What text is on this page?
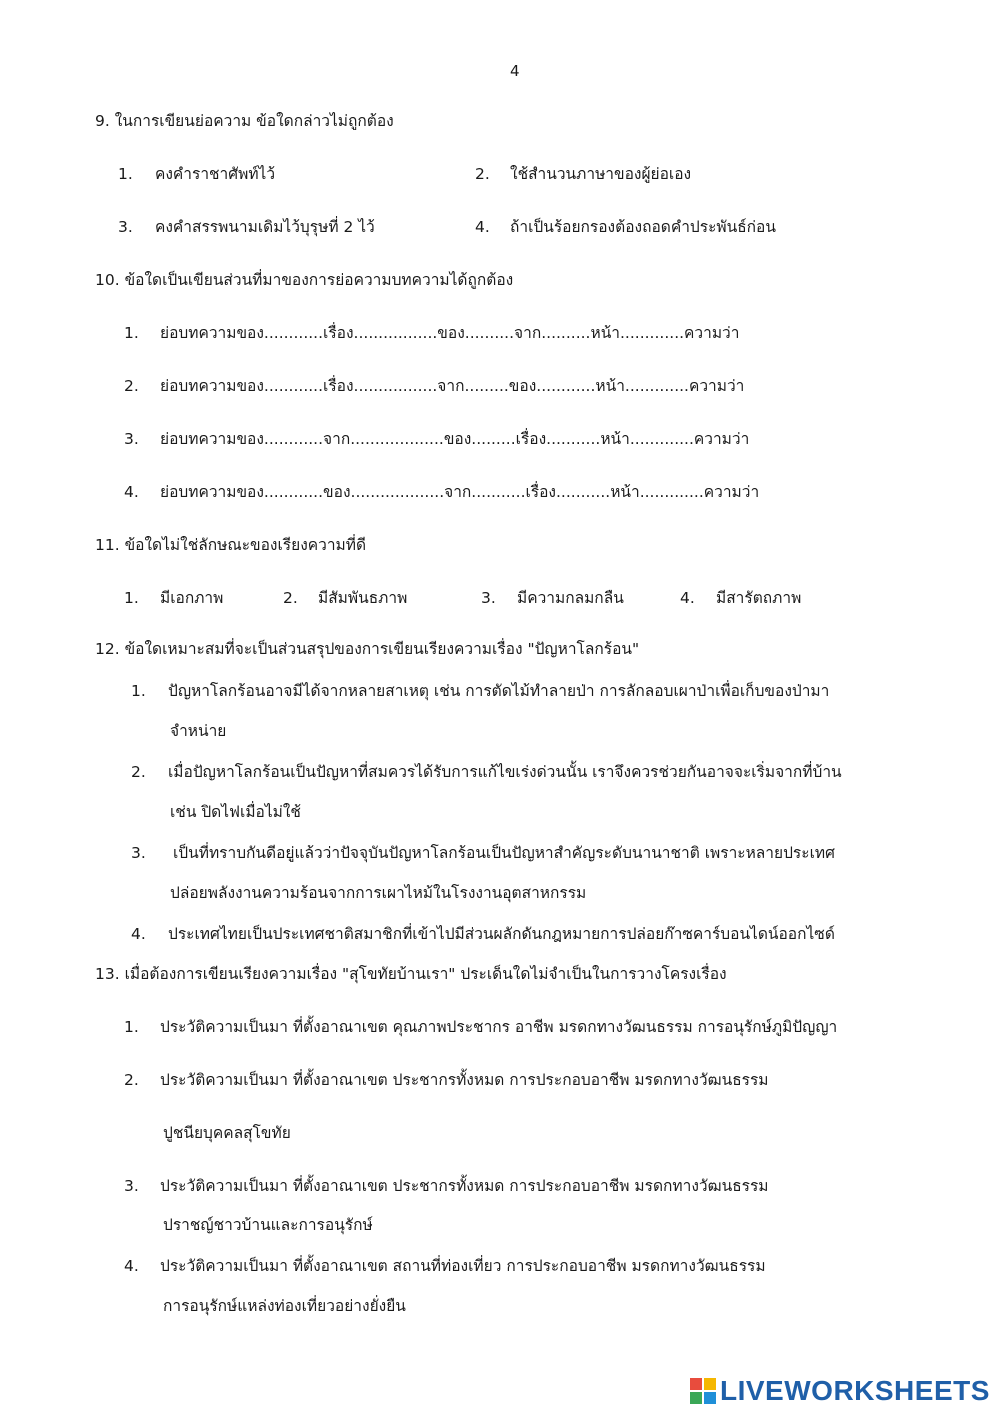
4
9. ในการเขียนย่อความ ข้อใดกล่าวไม่ถูกต้อง
1. คงคำราชาศัพท์ไว้	2. ใช้สำนวนภาษาของผู้ย่อเอง
3. คงคำสรรพนามเดิมไว้บุรุษที่ 2 ไว้	4. ถ้าเป็นร้อยกรองต้องถอดคำประพันธ์ก่อน
10. ข้อใดเป็นเขียนส่วนที่มาของการย่อความบทความได้ถูกต้อง
1. ย่อบทความของ............เรื่อง.................ของ..........จาก..........หน้า.............ความว่า
2. ย่อบทความของ............เรื่อง.................จาก.........ของ............หน้า.............ความว่า
3. ย่อบทความของ............จาก...................ของ.........เรื่อง...........หน้า.............ความว่า
4. ย่อบทความของ............ของ...................จาก...........เรื่อง...........หน้า.............ความว่า
11. ข้อใดไม่ใช่ลักษณะของเรียงความที่ดี
1. มีเอกภาพ	2. มีสัมพันธภาพ	3. มีความกลมกลืน	4. มีสารัตถภาพ
12. ข้อใดเหมาะสมที่จะเป็นส่วนสรุปของการเขียนเรียงความเรื่อง "ปัญหาโลกร้อน"
1. ปัญหาโลกร้อนอาจมีได้จากหลายสาเหตุ เช่น การตัดไม้ทำลายป่า การลักลอบเผาป่าเพื่อเก็บของป่ามา
จำหน่าย
2. เมื่อปัญหาโลกร้อนเป็นปัญหาที่สมควรได้รับการแก้ไขเร่งด่วนนั้น เราจึงควรช่วยกันอาจจะเริ่มจากที่บ้าน
เช่น ปิดไฟเมื่อไม่ใช้
3. เป็นที่ทราบกันดีอยู่แล้วว่าปัจจุบันปัญหาโลกร้อนเป็นปัญหาสำคัญระดับนานาชาติ เพราะหลายประเทศ
ปล่อยพลังงานความร้อนจากการเผาไหม้ในโรงงานอุตสาหกรรม
4. ประเทศไทยเป็นประเทศชาติสมาชิกที่เข้าไปมีส่วนผลักดันกฎหมายการปล่อยก๊าซคาร์บอนไดน์ออกไซด์
13. เมื่อต้องการเขียนเรียงความเรื่อง "สุโขทัยบ้านเรา" ประเด็นใดไม่จำเป็นในการวางโครงเรื่อง
1. ประวัติความเป็นมา ที่ตั้งอาณาเขต คุณภาพประชากร อาชีพ มรดกทางวัฒนธรรม การอนุรักษ์ภูมิปัญญา
2. ประวัติความเป็นมา ที่ตั้งอาณาเขต ประชากรทั้งหมด การประกอบอาชีพ มรดกทางวัฒนธรรม
ปูชนียบุคคลสุโขทัย
3. ประวัติความเป็นมา ที่ตั้งอาณาเขต ประชากรทั้งหมด การประกอบอาชีพ มรดกทางวัฒนธรรม
ปราชญ์ชาวบ้านและการอนุรักษ์
4. ประวัติความเป็นมา ที่ตั้งอาณาเขต สถานที่ท่องเที่ยว การประกอบอาชีพ มรดกทางวัฒนธรรม
การอนุรักษ์แหล่งท่องเที่ยวอย่างยั่งยืน
LIVEWORKSHEETS
